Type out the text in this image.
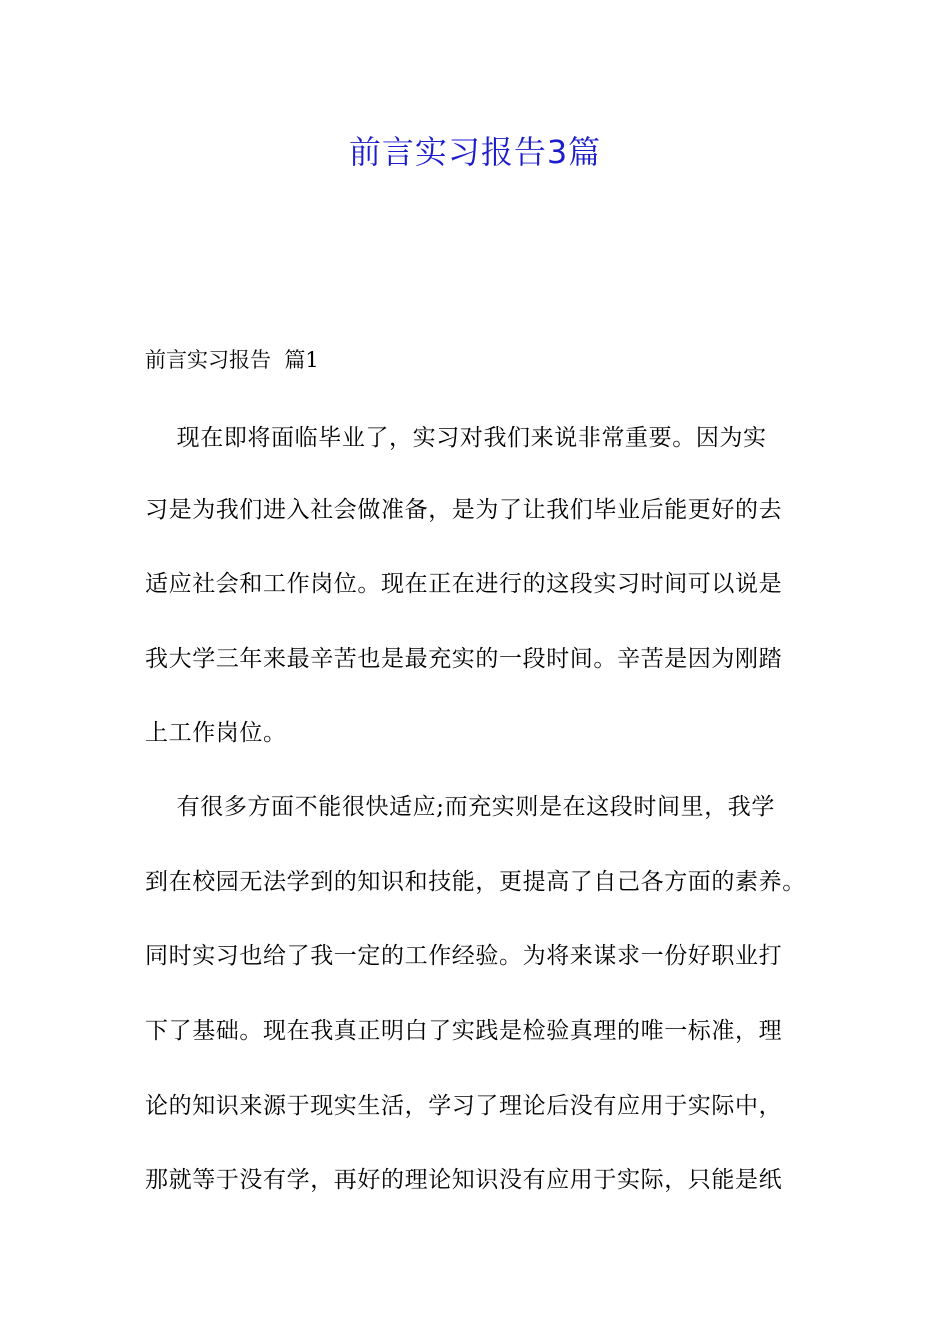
前言实习报告3篇
前言实习报告  篇1
现在即将面临毕业了，实习对我们来说非常重要。因为实
习是为我们进入社会做准备，是为了让我们毕业后能更好的去
适应社会和工作岗位。现在正在进行的这段实习时间可以说是
我大学三年来最辛苦也是最充实的一段时间。辛苦是因为刚踏
上工作岗位。
有很多方面不能很快适应;而充实则是在这段时间里，我学
到在校园无法学到的知识和技能，更提高了自己各方面的素养。
同时实习也给了我一定的工作经验。为将来谋求一份好职业打
下了基础。现在我真正明白了实践是检验真理的唯一标准，理
论的知识来源于现实生活，学习了理论后没有应用于实际中，
那就等于没有学，再好的理论知识没有应用于实际，只能是纸
